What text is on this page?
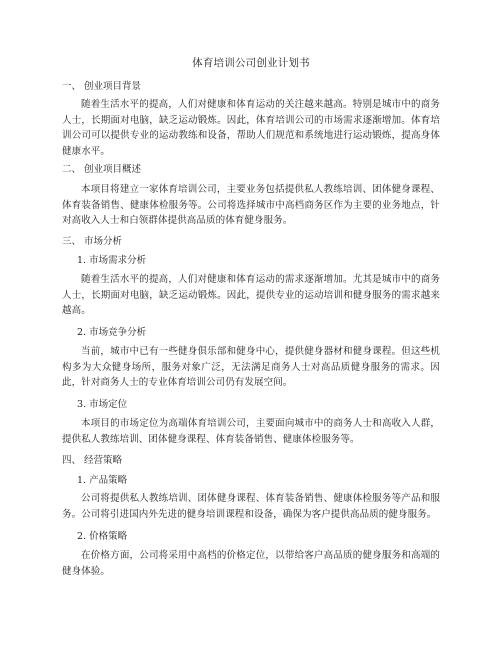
体育培训公司创业计划书
一、 创业项目背景
随着生活水平的提高，人们对健康和体育运动的关注越来越高。特别是城市中的商务人士，长期面对电脑，缺乏运动锻炼。因此，体育培训公司的市场需求逐渐增加。体育培训公司可以提供专业的运动教练和设备，帮助人们规范和系统地进行运动锻炼，提高身体健康水平。
二、 创业项目概述
本项目将建立一家体育培训公司，主要业务包括提供私人教练培训、团体健身课程、体育装备销售、健康体检服务等。公司将选择城市中高档商务区作为主要的业务地点，针对高收入人士和白领群体提供高品质的体育健身服务。
三、 市场分析
1. 市场需求分析
随着生活水平的提高，人们对健康和体育运动的需求逐渐增加。尤其是城市中的商务人士，长期面对电脑，缺乏运动锻炼。因此，提供专业的运动培训和健身服务的需求越来越高。
2. 市场竞争分析
当前，城市中已有一些健身俱乐部和健身中心，提供健身器材和健身课程。但这些机构多为大众健身场所，服务对象广泛，无法满足商务人士对高品质健身服务的需求。因此，针对商务人士的专业体育培训公司仍有发展空间。
3. 市场定位
本项目的市场定位为高端体育培训公司，主要面向城市中的商务人士和高收入人群，提供私人教练培训、团体健身课程、体育装备销售、健康体检服务等。
四、 经营策略
1. 产品策略
公司将提供私人教练培训、团体健身课程、体育装备销售、健康体检服务等产品和服务。公司将引进国内外先进的健身培训课程和设备，确保为客户提供高品质的健身服务。
2. 价格策略
在价格方面，公司将采用中高档的价格定位，以带给客户高品质的健身服务和高端的健身体验。
